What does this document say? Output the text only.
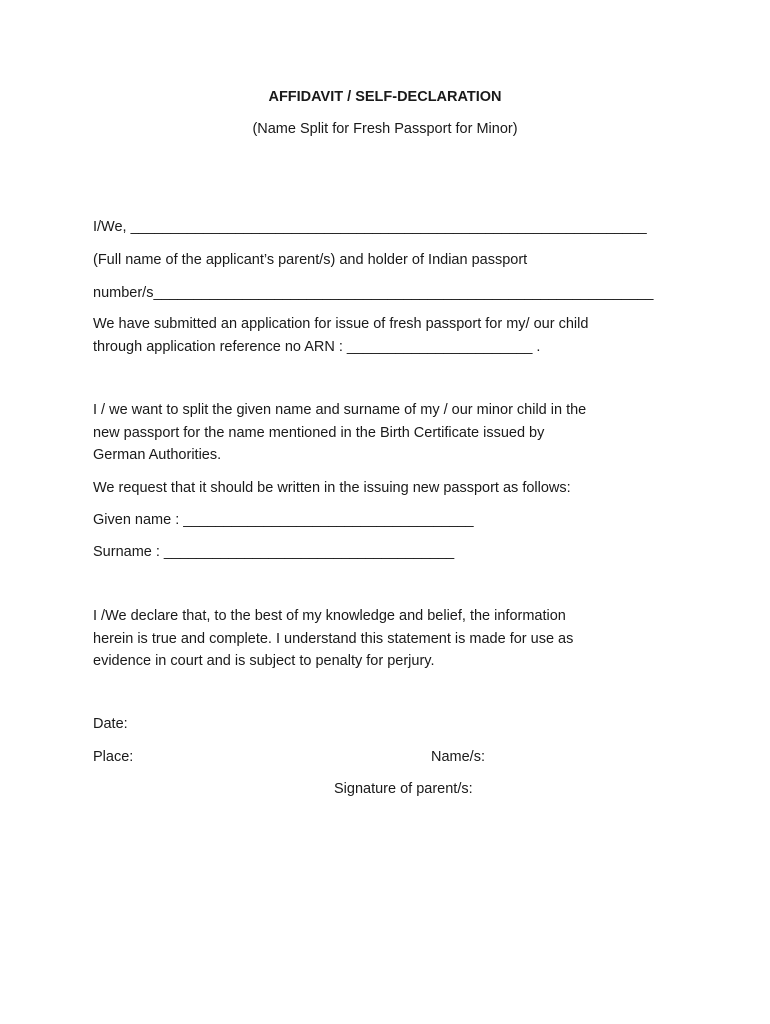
AFFIDAVIT / SELF-DECLARATION
(Name Split for Fresh Passport for Minor)
I/We, ________________________________________________________________
(Full name of the applicant’s parent/s) and holder of Indian passport
number/s______________________________________________________________
We have submitted an application for issue of fresh passport for my/ our child
through application reference no ARN : _______________________ .
I / we want to split the given name and surname of my / our minor child in the
new passport for the name mentioned in the Birth Certificate issued by
German Authorities.
We request that it should be written in the issuing new passport as follows:
Given name : ____________________________________
Surname : ____________________________________
I /We declare that, to the best of my knowledge and belief, the information
herein is true and complete. I understand this statement is made for use as
evidence in court and is subject to penalty for perjury.
Date:
Place:	Name/s:
Signature of parent/s:
